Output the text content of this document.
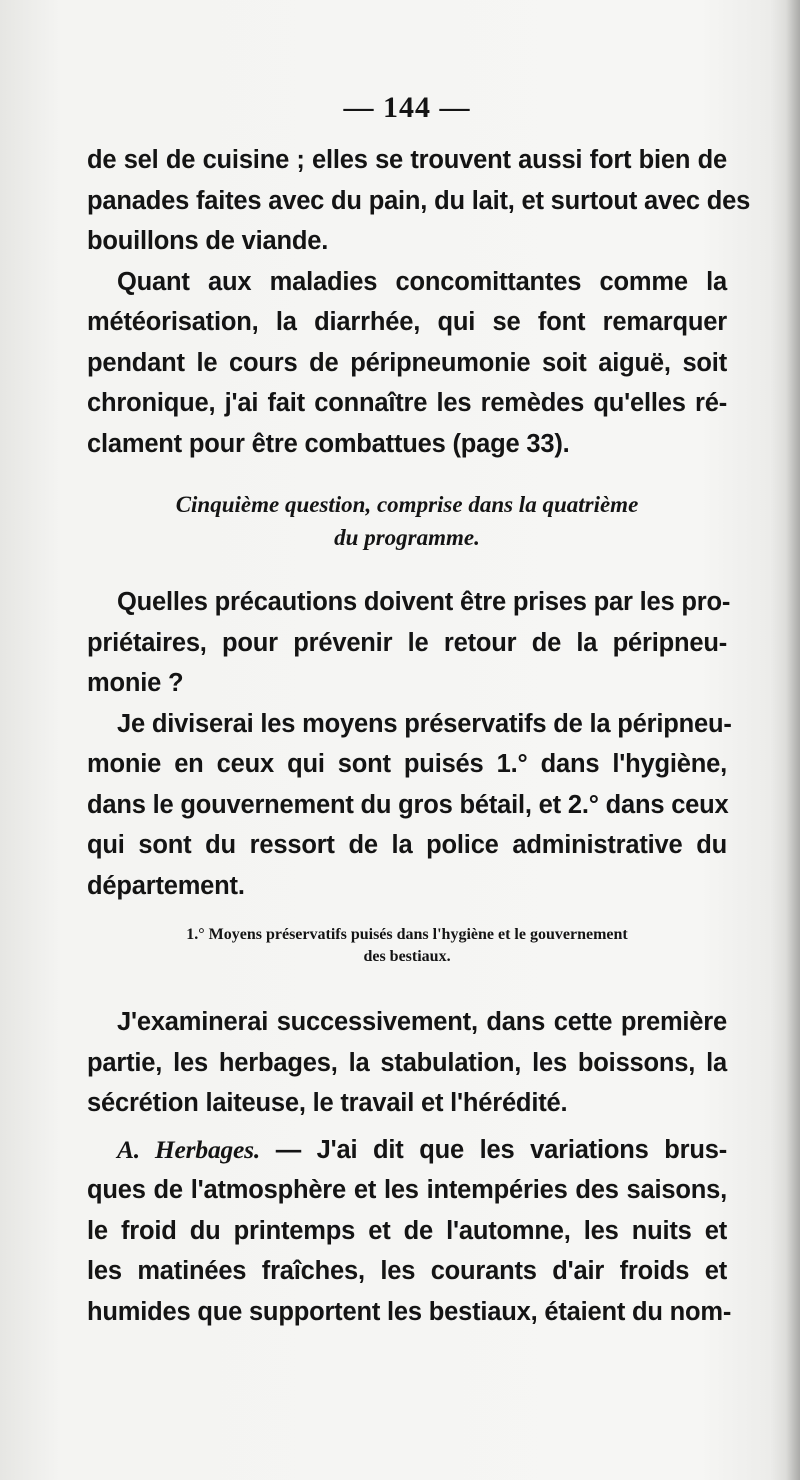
— 144 —
de sel de cuisine ; elles se trouvent aussi fort bien de
panades faites avec du pain, du lait, et surtout avec des
bouillons de viande.
Quant aux maladies concomittantes comme la
météorisation, la diarrhée, qui se font remarquer
pendant le cours de péripneumonie soit aiguë, soit
chronique, j'ai fait connaître les remèdes qu'elles ré-
clament pour être combattues (page 33).

Cinquième question, comprise dans la quatrième

du programme.

Quelles précautions doivent être prises par les pro-
priétaires, pour prévenir le retour de la péripneu-
monie ?
Je diviserai les moyens préservatifs de la péripneu-
monie en ceux qui sont puisés 1.° dans l'hygiène,
dans le gouvernement du gros bétail, et 2.° dans ceux
qui sont du ressort de la police administrative du
département.

1.° Moyens préservatifs puisés dans l'hygiène et le gouvernement

des bestiaux.

J'examinerai successivement, dans cette première
partie, les herbages, la stabulation, les boissons, la
sécrétion laiteuse, le travail et l'hérédité.
A. Herbages. — J'ai dit que les variations brus-
ques de l'atmosphère et les intempéries des saisons,
le froid du printemps et de l'automne, les nuits et
les matinées fraîches, les courants d'air froids et
humides que supportent les bestiaux, étaient du nom-
